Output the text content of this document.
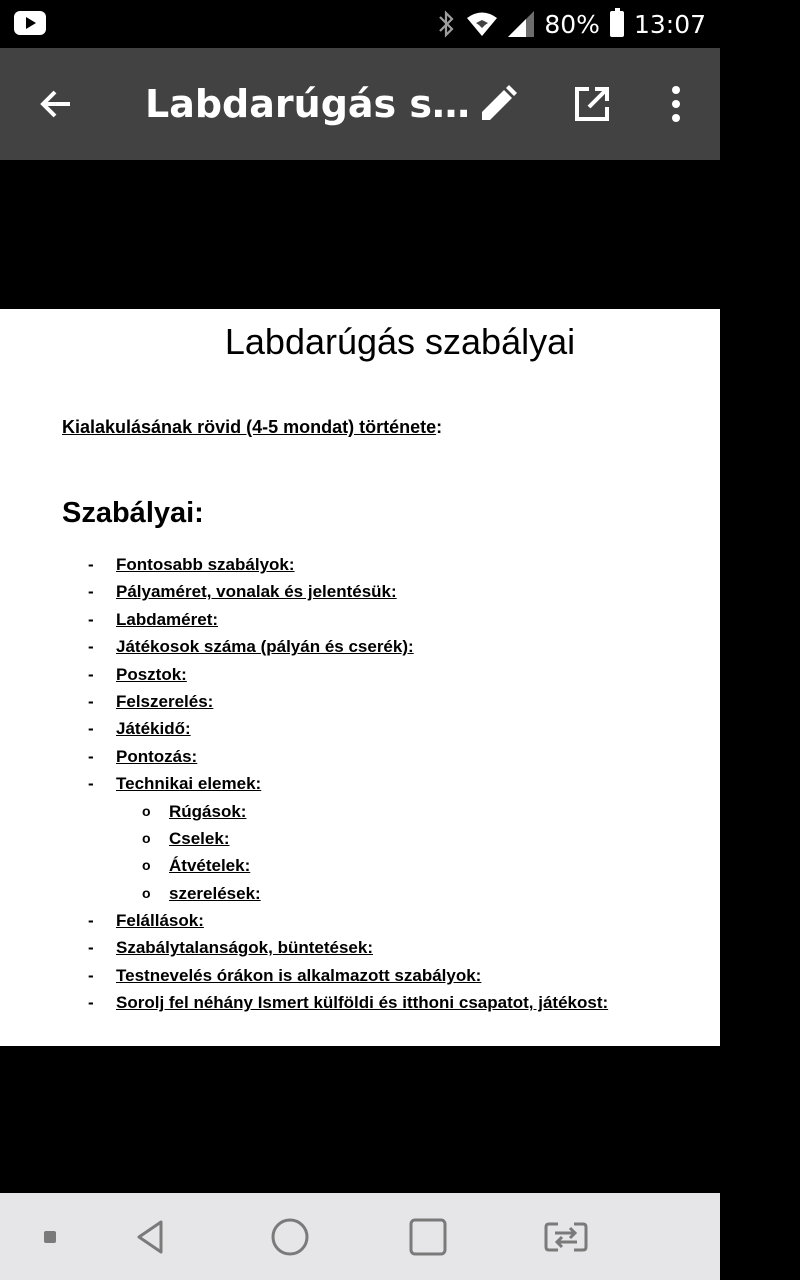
80% 13:07
Labdarúgás s…
Labdarúgás szabályai
Kialakulásának rövid (4-5 mondat) története:
Szabályai:
- Fontosabb szabályok:
- Pályaméret, vonalak és jelentésük:
- Labdaméret:
- Játékosok száma (pályán és cserék):
- Posztok:
- Felszerelés:
- Játékidő:
- Pontozás:
- Technikai elemek:
o Rúgások:
o Cselek:
o Átvételek:
o szerelések:
- Felállások:
- Szabálytalanságok, büntetések:
- Testnevelés órákon is alkalmazott szabályok:
- Sorolj fel néhány Ismert külföldi és itthoni csapatot, játékost:
